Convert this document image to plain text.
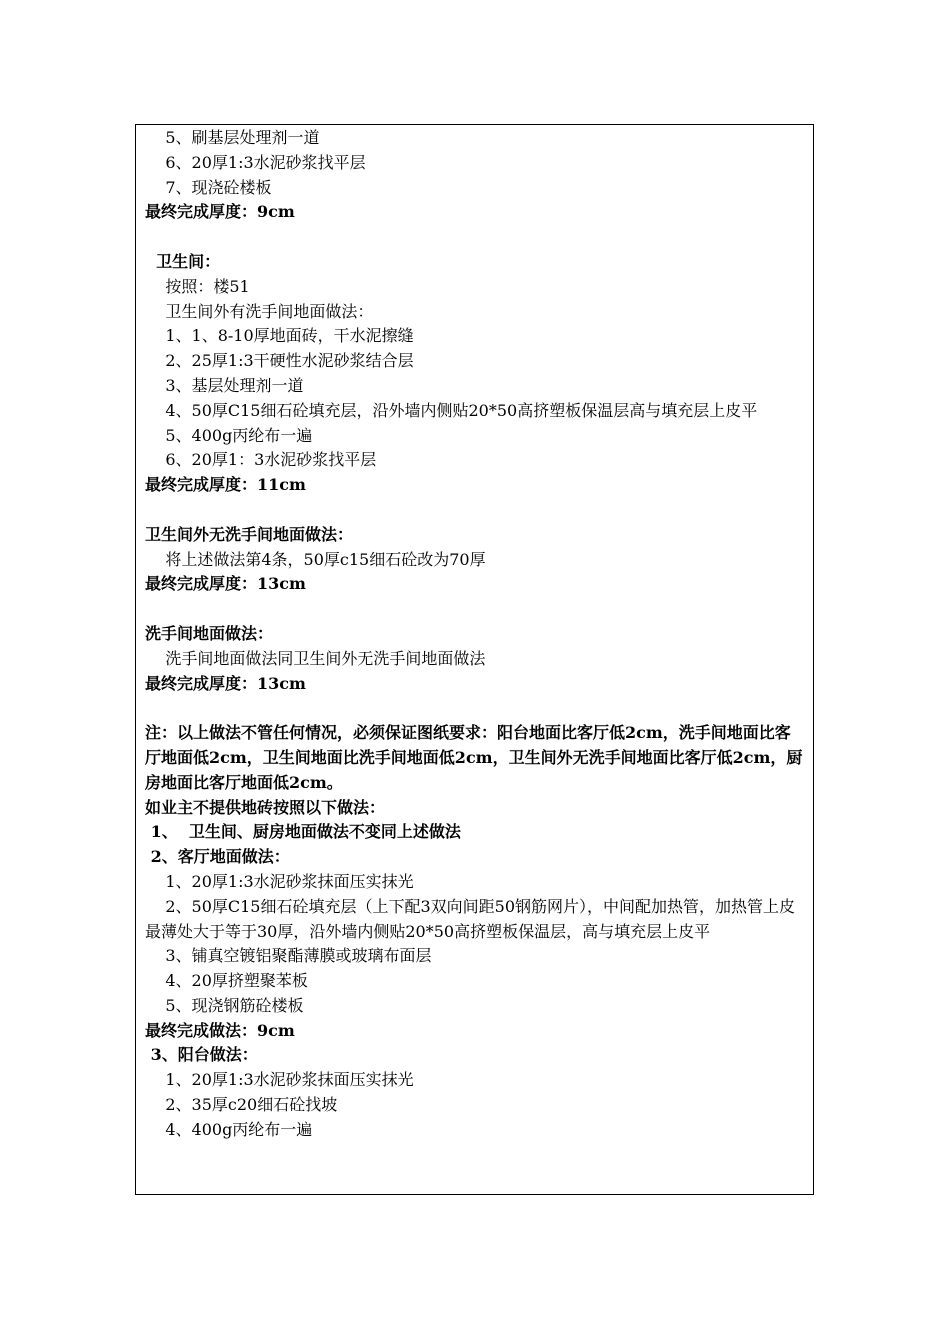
5、刷基层处理剂一道

6、20厚1:3水泥砂浆找平层

7、现浇砼楼板

最终完成厚度：9cm

卫生间：

按照：楼51

卫生间外有洗手间地面做法：

1、1、8-10厚地面砖，干水泥擦缝

2、25厚1:3干硬性水泥砂浆结合层

3、基层处理剂一道

4、50厚C15细石砼填充层，沿外墙内侧贴20*50高挤塑板保温层高与填充层上皮平

5、400g丙纶布一遍

6、20厚1：3水泥砂浆找平层

最终完成厚度：11cm

卫生间外无洗手间地面做法：

将上述做法第4条，50厚c15细石砼改为70厚

最终完成厚度：13cm

洗手间地面做法：

洗手间地面做法同卫生间外无洗手间地面做法

最终完成厚度：13cm

注：以上做法不管任何情况，必须保证图纸要求：阳台地面比客厅低2cm，洗手间地面比客厅地面低2cm，卫生间地面比洗手间地面低2cm，卫生间外无洗手间地面比客厅低2cm，厨房地面比客厅地面低2cm。

如业主不提供地砖按照以下做法：

1、  卫生间、厨房地面做法不变同上述做法

2、客厅地面做法：

1、20厚1:3水泥砂浆抹面压实抹光

2、50厚C15细石砼填充层（上下配3双向间距50钢筋网片），中间配加热管，加热管上皮最薄处大于等于30厚，沿外墙内侧贴20*50高挤塑板保温层，高与填充层上皮平

3、铺真空镀铝聚酯薄膜或玻璃布面层

4、20厚挤塑聚苯板

5、现浇钢筋砼楼板

最终完成做法：9cm

3、阳台做法：

1、20厚1:3水泥砂浆抹面压实抹光

2、35厚c20细石砼找坡

4、400g丙纶布一遍
